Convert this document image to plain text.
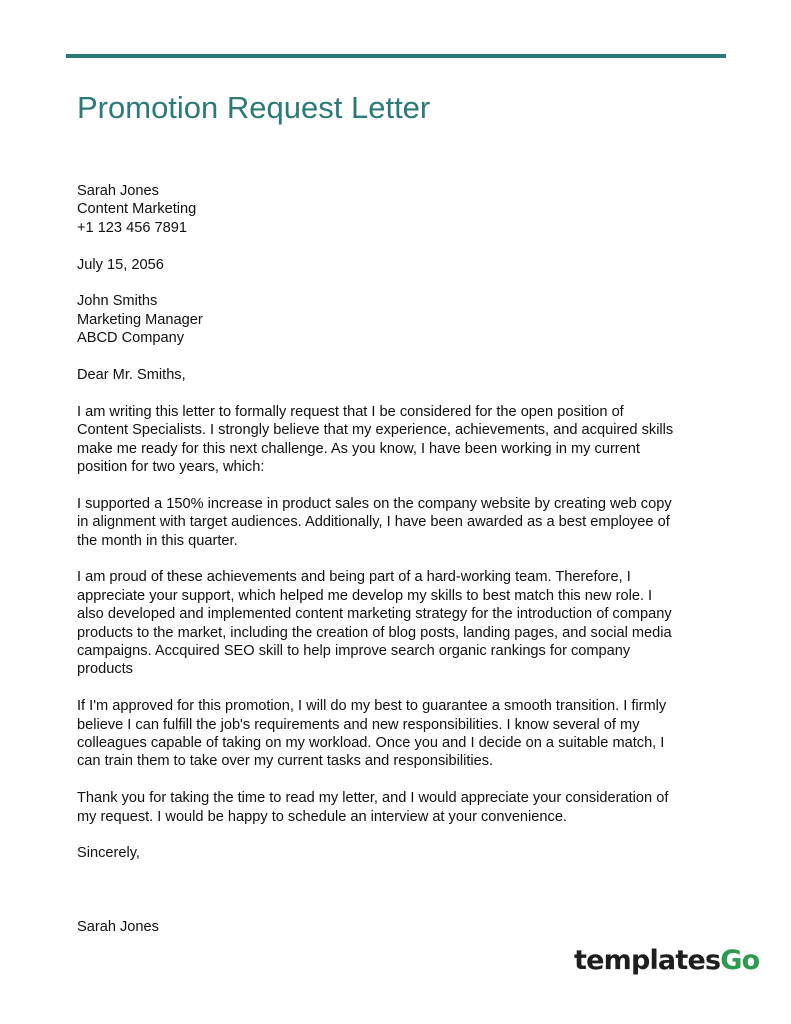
Promotion Request Letter
Sarah Jones
Content Marketing
+1 123 456 7891
July 15, 2056
John Smiths
Marketing Manager
ABCD Company
Dear Mr. Smiths,
I am writing this letter to formally request that I be considered for the open position of
Content Specialists. I strongly believe that my experience, achievements, and acquired skills
make me ready for this next challenge. As you know, I have been working in my current
position for two years, which:
I supported a 150% increase in product sales on the company website by creating web copy
in alignment with target audiences. Additionally, I have been awarded as a best employee of
the month in this quarter.
I am proud of these achievements and being part of a hard-working team. Therefore, I
appreciate your support, which helped me develop my skills to best match this new role. I
also developed and implemented content marketing strategy for the introduction of company
products to the market, including the creation of blog posts, landing pages, and social media
campaigns. Accquired SEO skill to help improve search organic rankings for company
products
If I'm approved for this promotion, I will do my best to guarantee a smooth transition. I firmly
believe I can fulfill the job's requirements and new responsibilities. I know several of my
colleagues capable of taking on my workload. Once you and I decide on a suitable match, I
can train them to take over my current tasks and responsibilities.
Thank you for taking the time to read my letter, and I would appreciate your consideration of
my request. I would be happy to schedule an interview at your convenience.
Sincerely,
Sarah Jones
templatesGo
